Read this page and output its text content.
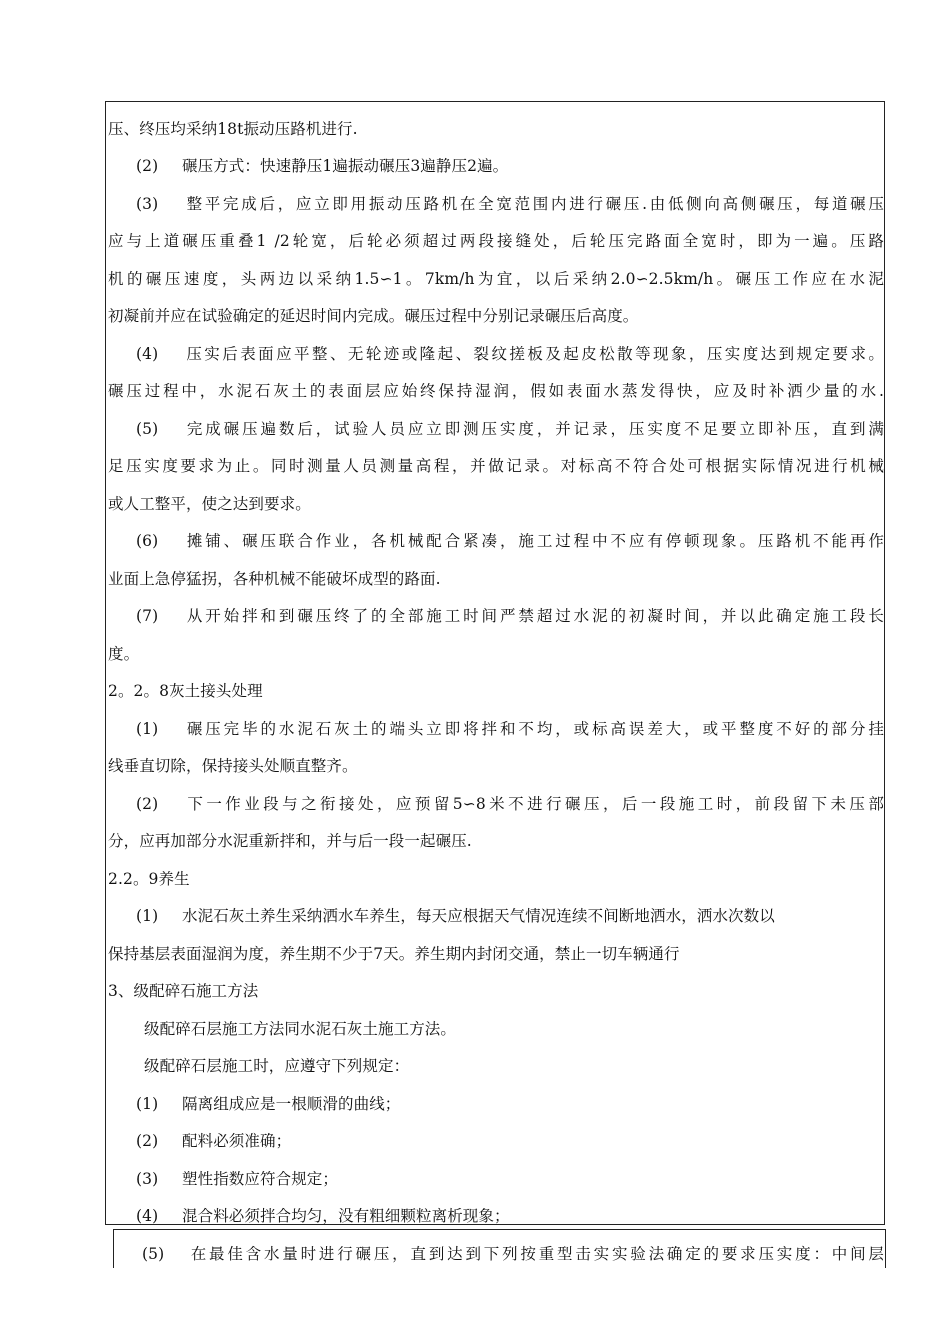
压、终压均采纳18t振动压路机进行.
(2) 碾压方式：快速静压1遍振动碾压3遍静压2遍。
(3) 整平完成后，应立即用振动压路机在全宽范围内进行碾压.由低侧向高侧碾压，每道碾压
应与上道碾压重叠1 /2轮宽，后轮必须超过两段接缝处，后轮压完路面全宽时，即为一遍。压路
机的碾压速度，头两边以采纳1.5∽1。7km/h为宜，以后采纳2.0∽2.5km/h。碾压工作应在水泥
初凝前并应在试验确定的延迟时间内完成。碾压过程中分别记录碾压后高度。
(4) 压实后表面应平整、无轮迹或隆起、裂纹搓板及起皮松散等现象，压实度达到规定要求。
碾压过程中，水泥石灰土的表面层应始终保持湿润，假如表面水蒸发得快，应及时补洒少量的水.
(5) 完成碾压遍数后，试验人员应立即测压实度，并记录，压实度不足要立即补压，直到满
足压实度要求为止。同时测量人员测量高程，并做记录。对标高不符合处可根据实际情况进行机械
或人工整平，使之达到要求。
(6) 摊铺、碾压联合作业，各机械配合紧凑，施工过程中不应有停顿现象。压路机不能再作
业面上急停猛拐，各种机械不能破坏成型的路面.
(7) 从开始拌和到碾压终了的全部施工时间严禁超过水泥的初凝时间，并以此确定施工段长
度。
2。2。8灰土接头处理
(1) 碾压完毕的水泥石灰土的端头立即将拌和不均，或标高误差大，或平整度不好的部分挂
线垂直切除，保持接头处顺直整齐。
(2) 下一作业段与之衔接处，应预留5∽8米不进行碾压，后一段施工时，前段留下未压部
分，应再加部分水泥重新拌和，并与后一段一起碾压.
2.2。9养生
(1) 水泥石灰土养生采纳洒水车养生，每天应根据天气情况连续不间断地洒水，洒水次数以
保持基层表面湿润为度，养生期不少于7天。养生期内封闭交通，禁止一切车辆通行
3、级配碎石施工方法
级配碎石层施工方法同水泥石灰土施工方法。
级配碎石层施工时，应遵守下列规定：
(1) 隔离组成应是一根顺滑的曲线；
(2) 配料必须准确；
(3) 塑性指数应符合规定；
(4) 混合料必须拌合均匀，没有粗细颗粒离析现象；
(5) 在最佳含水量时进行碾压，直到达到下列按重型击实实验法确定的要求压实度：中间层
